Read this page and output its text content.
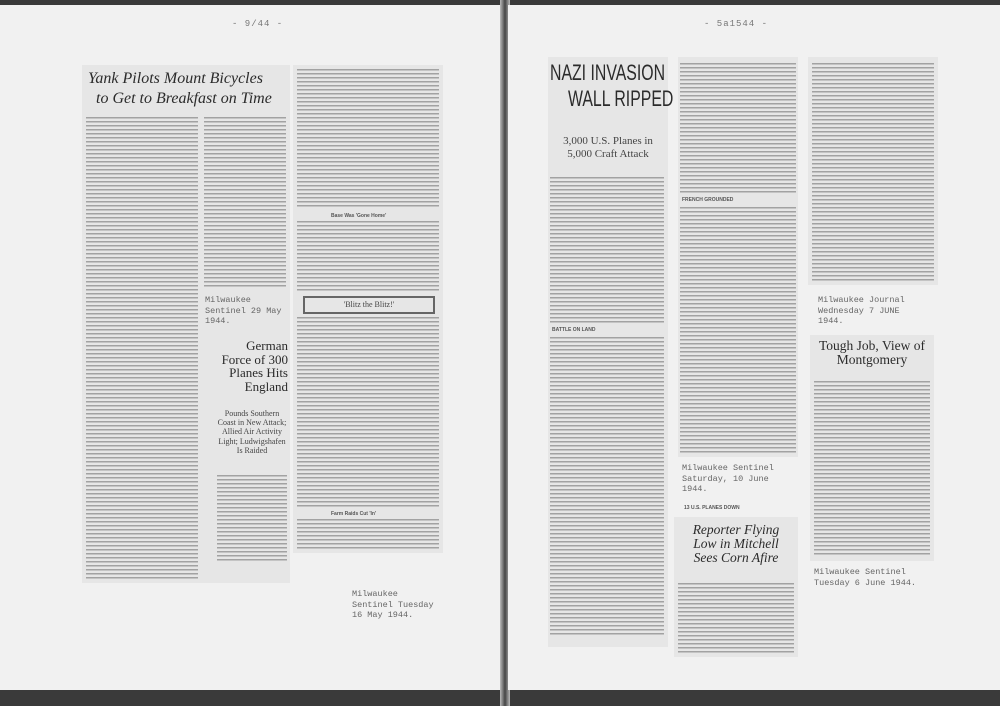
- 9/44 -
Yank Pilots Mount Bicycles
to Get to Breakfast on Time
Milwaukee Sentinel 29 May 1944.
German Force of 300 Planes Hits England
Pounds Southern Coast in New Attack; Allied Air Activity Light; Ludwigshafen Is Raided
Base Was 'Gone Home'
'Blitz the Blitz!'
Farm Raids Cut 'In'
Milwaukee Sentinel Tuesday 16 May 1944.
- 5a1544 -
NAZI INVASION
WALL RIPPED
3,000 U.S. Planes in 5,000 Craft Attack
BATTLE ON LAND
FRENCH GROUNDED
Milwaukee Sentinel Saturday, 10 June 1944.
Reporter Flying Low in Mitchell Sees Corn Afire
13 U.S. PLANES DOWN
Milwaukee Journal Wednesday 7 JUNE 1944.
Tough Job, View of Montgomery
Milwaukee Sentinel Tuesday 6 June 1944.
